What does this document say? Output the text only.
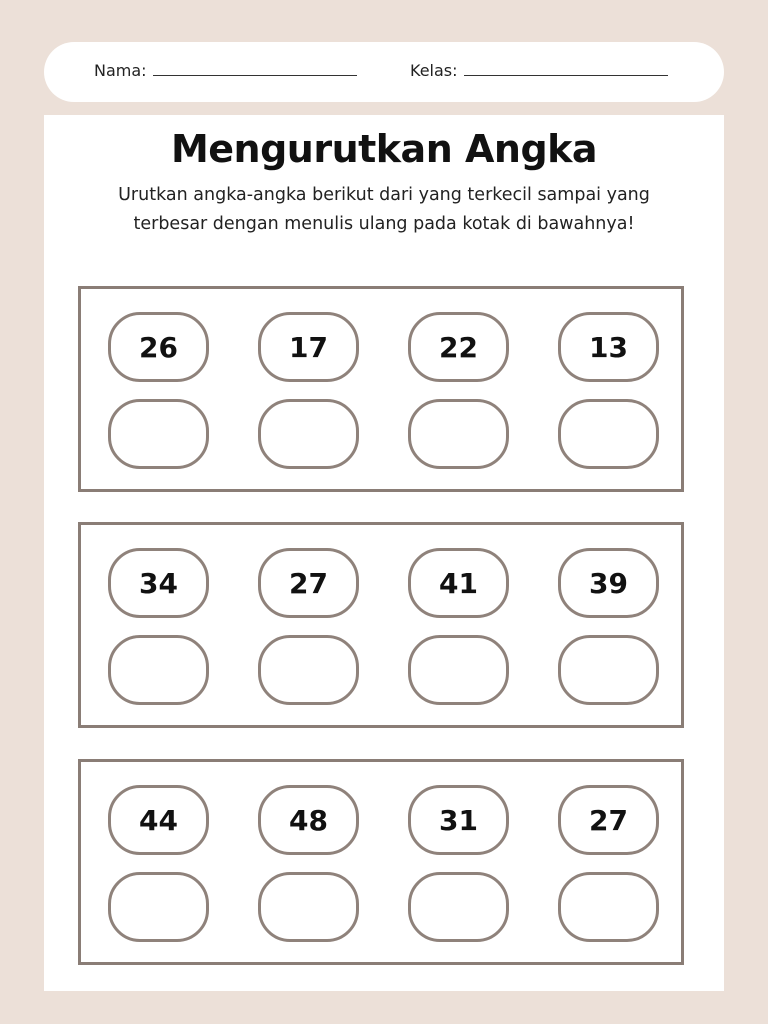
Nama:	Kelas:
Mengurutkan Angka
Urutkan angka-angka berikut dari yang terkecil sampai yang terbesar dengan menulis ulang pada kotak di bawahnya!
26	17	22	13
34	27	41	39
44	48	31	27
